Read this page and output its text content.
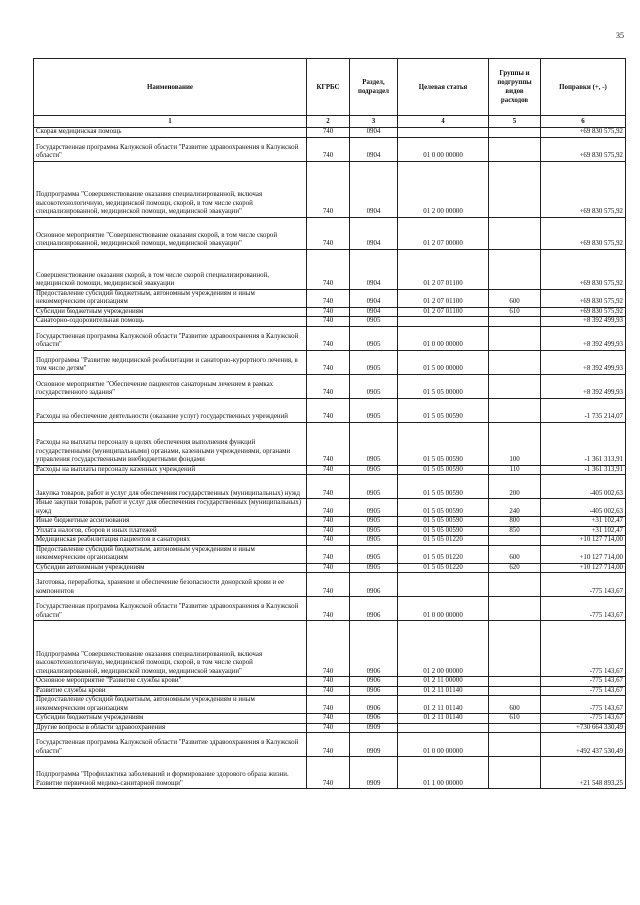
35
Наименование	КГРБС	Раздел, подраздел	Целевая статья	Группы и подгруппы видов расходов	Поправки (+, -)
1	2	3	4	5	6
Скорая медицинская помощь	740	0904			+69 830 575,92
Государственная программа Калужской области "Развитие здравоохранения в Калужской области"	740	0904	01 0 00 00000		+69 830 575,92
Подпрограмма "Совершенствование оказания специализированной, включая высокотехнологичную, медицинской помощи, скорой, в том числе скорой специализированной, медицинской помощи, медицинской эвакуации"	740	0904	01 2 00 00000		+69 830 575,92
Основное мероприятие "Совершенствование оказания скорой, в том числе скорой специализированной, медицинской помощи, медицинской эвакуации"	740	0904	01 2 07 00000		+69 830 575,92
Совершенствование оказания скорой, в том числе скорой специализированной, медицинской помощи, медицинской эвакуации	740	0904	01 2 07 01100		+69 830 575,92
Предоставление субсидий бюджетным, автономным учреждениям и иным некоммерческим организациям	740	0904	01 2 07 01100	600	+69 830 575,92
Субсидии бюджетным учреждениям	740	0904	01 2 07 01100	610	+69 830 575,92
Санаторно-оздоровительная помощь	740	0905			+8 392 499,93
Государственная программа Калужской области "Развитие здравоохранения в Калужской области"	740	0905	01 0 00 00000		+8 392 499,93
Подпрограмма "Развитие медицинской реабилитации и санаторно-курортного лечения, в том числе детям"	740	0905	01 5 00 00000		+8 392 499,93
Основное мероприятие "Обеспечение пациентов санаторным лечением в рамках государственного задания"	740	0905	01 5 05 00000		+8 392 499,93
Расходы на обеспечение деятельности (оказание услуг) государственных учреждений	740	0905	01 5 05 00590		-1 735 214,07
Расходы на выплаты персоналу в целях обеспечения выполнения функций государственными (муниципальными) органами, казенными учреждениями, органами управления государственными внебюджетными фондами	740	0905	01 5 05 00590	100	-1 361 313,91
Расходы на выплаты персоналу казенных учреждений	740	0905	01 5 05 00590	110	-1 361 313,91
Закупка товаров, работ и услуг для обеспечения государственных (муниципальных) нужд	740	0905	01 5 05 00590	200	-405 002,63
Иные закупки товаров, работ и услуг для обеспечения государственных (муниципальных) нужд	740	0905	01 5 05 00590	240	-405 002,63
Иные бюджетные ассигнования	740	0905	01 5 05 00590	800	+31 102,47
Уплата налогов, сборов и иных платежей	740	0905	01 5 05 00590	850	+31 102,47
Медицинская реабилитация пациентов в санаториях	740	0905	01 5 05 01220		+10 127 714,00
Предоставление субсидий бюджетным, автономным учреждениям и иным некоммерческим организациям	740	0905	01 5 05 01220	600	+10 127 714,00
Субсидии автономным учреждениям	740	0905	01 5 05 01220	620	+10 127 714,00
Заготовка, переработка, хранение и обеспечение безопасности донорской крови и ее компонентов	740	0906			-775 143,67
Государственная программа Калужской области "Развитие здравоохранения в Калужской области"	740	0906	01 0 00 00000		-775 143,67
Подпрограмма "Совершенствование оказания специализированной, включая высокотехнологичную, медицинской помощи, скорой, в том числе скорой специализированной, медицинской помощи, медицинской эвакуации"	740	0906	01 2 00 00000		-775 143,67
Основное мероприятие "Развитие службы крови"	740	0906	01 2 11 00000		-775 143,67
Развитие службы крови	740	0906	01 2 11 01140		-775 143,67
Предоставление субсидий бюджетным, автономным учреждениям и иным некоммерческим организациям	740	0906	01 2 11 01140	600	-775 143,67
Субсидии бюджетным учреждениям	740	0906	01 2 11 01140	610	-775 143,67
Другие вопросы в области здравоохранения	740	0909			+730 664 330,49
Государственная программа Калужской области "Развитие здравоохранения в Калужской области"	740	0909	01 0 00 00000		+492 437 530,49
Подпрограмма "Профилактика заболеваний и формирование здорового образа жизни. Развитие первичной медико-санитарной помощи"	740	0909	01 1 00 00000		+21 548 893,25
